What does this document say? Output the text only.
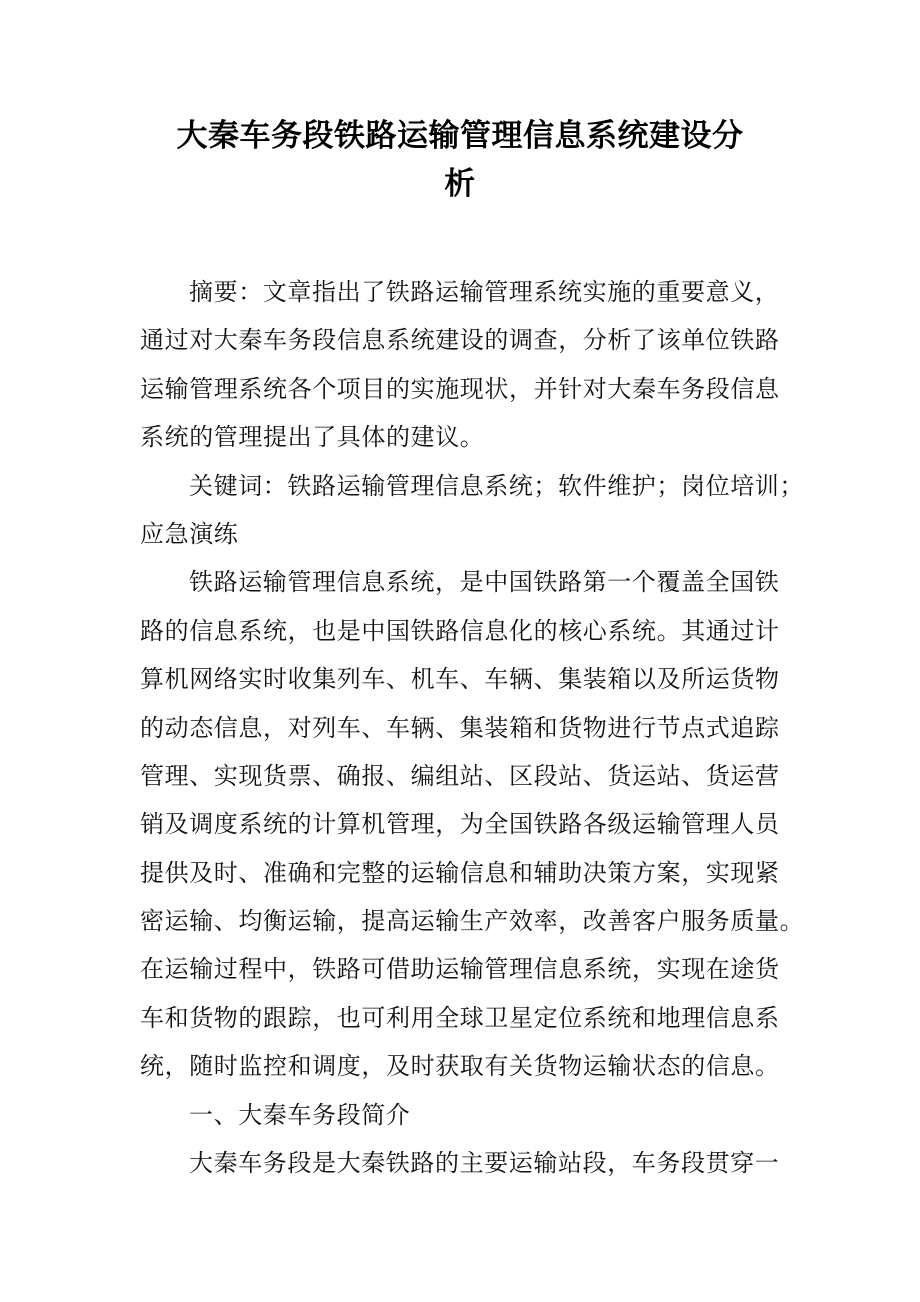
大秦车务段铁路运输管理信息系统建设分
析
摘要：文章指出了铁路运输管理系统实施的重要意义，
通过对大秦车务段信息系统建设的调查，分析了该单位铁路
运输管理系统各个项目的实施现状，并针对大秦车务段信息
系统的管理提出了具体的建议。
关键词：铁路运输管理信息系统；软件维护；岗位培训；
应急演练
铁路运输管理信息系统，是中国铁路第一个覆盖全国铁
路的信息系统，也是中国铁路信息化的核心系统。其通过计
算机网络实时收集列车、机车、车辆、集装箱以及所运货物
的动态信息，对列车、车辆、集装箱和货物进行节点式追踪
管理、实现货票、确报、编组站、区段站、货运站、货运营
销及调度系统的计算机管理，为全国铁路各级运输管理人员
提供及时、准确和完整的运输信息和辅助决策方案，实现紧
密运输、均衡运输，提高运输生产效率，改善客户服务质量。
在运输过程中，铁路可借助运输管理信息系统，实现在途货
车和货物的跟踪，也可利用全球卫星定位系统和地理信息系
统，随时监控和调度，及时获取有关货物运输状态的信息。
一、大秦车务段简介
大秦车务段是大秦铁路的主要运输站段，车务段贯穿一
